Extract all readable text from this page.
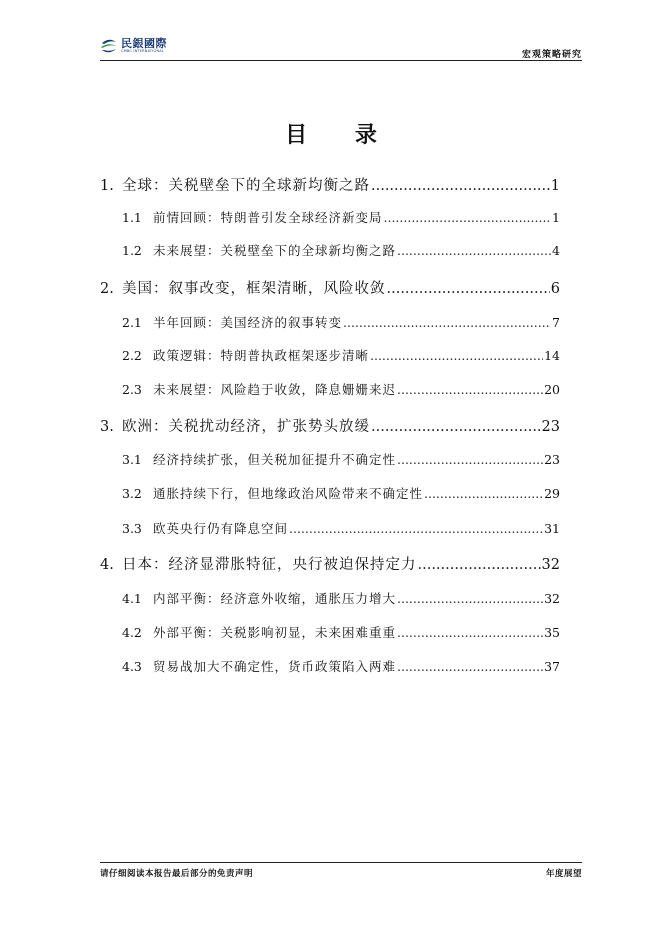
民銀國際
CMBC INTERNATIONAL	宏观策略研究
目 录
1. 全球：关税壁垒下的全球新均衡之路 .....	1
1.1 前情回顾：特朗普引发全球经济新变局 .....	1
1.2 未来展望：关税壁垒下的全球新均衡之路 .....	4
2. 美国：叙事改变，框架清晰，风险收敛 .....	6
2.1 半年回顾：美国经济的叙事转变 .....	7
2.2 政策逻辑：特朗普执政框架逐步清晰 .....	14
2.3 未来展望：风险趋于收敛，降息姗姗来迟 .....	20
3. 欧洲：关税扰动经济，扩张势头放缓 .....	23
3.1 经济持续扩张，但关税加征提升不确定性 .....	23
3.2 通胀持续下行，但地缘政治风险带来不确定性 .....	29
3.3 欧英央行仍有降息空间 .....	31
4. 日本：经济显滞胀特征，央行被迫保持定力 .....	32
4.1 内部平衡：经济意外收缩，通胀压力增大 .....	32
4.2 外部平衡：关税影响初显，未来困难重重 .....	35
4.3 贸易战加大不确定性，货币政策陷入两难 .....	37
请仔细阅读本报告最后部分的免责声明	年度展望
